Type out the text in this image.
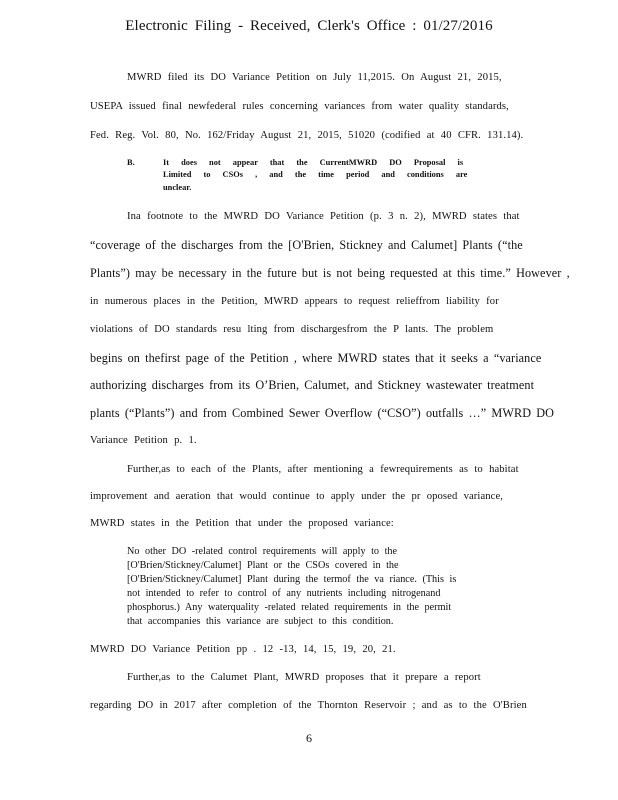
Electronic Filing - Received, Clerk's Office : 01/27/2016
MWRD filed its DO Variance Petition on July 11,2015. On August 21, 2015,
USEPA issued final newfederal rules concerning variances from water quality standards,
Fed. Reg. Vol. 80, No. 162/Friday August 21, 2015, 51020 (codified at 40 CFR. 131.14).
B.	It does not appear that the CurrentMWRD DO Proposal is
Limited to CSOs , and the time period and conditions are
unclear.
Ina footnote to the MWRD DO Variance Petition (p. 3 n. 2), MWRD states that
“coverage of the discharges from the [O'Brien, Stickney and Calumet] Plants (“the
Plants”) may be necessary in the future but is not being requested at this time.” However ,
in numerous places in the Petition, MWRD appears to request relieffrom liability for
violations of DO standards resu lting from dischargesfrom the P lants. The problem
begins on thefirst page of the Petition , where MWRD states that it seeks a “variance
authorizing discharges from its O’Brien, Calumet, and Stickney wastewater treatment
plants (“Plants”) and from Combined Sewer Overflow (“CSO”) outfalls …” MWRD DO
Variance Petition p. 1.
Further,as to each of the Plants, after mentioning a fewrequirements as to habitat
improvement and aeration that would continue to apply under the pr oposed variance,
MWRD states in the Petition that under the proposed variance:
No other DO -related control requirements will apply to the
[O'Brien/Stickney/Calumet] Plant or the CSOs covered in the
[O'Brien/Stickney/Calumet] Plant during the termof the va riance. (This is
not intended to refer to control of any nutrients including nitrogenand
phosphorus.) Any waterquality -related related requirements in the permit
that accompanies this variance are subject to this condition.
MWRD DO Variance Petition pp . 12 -13, 14, 15, 19, 20, 21.
Further,as to the Calumet Plant, MWRD proposes that it prepare a report
regarding DO in 2017 after completion of the Thornton Reservoir ; and as to the O'Brien
6
